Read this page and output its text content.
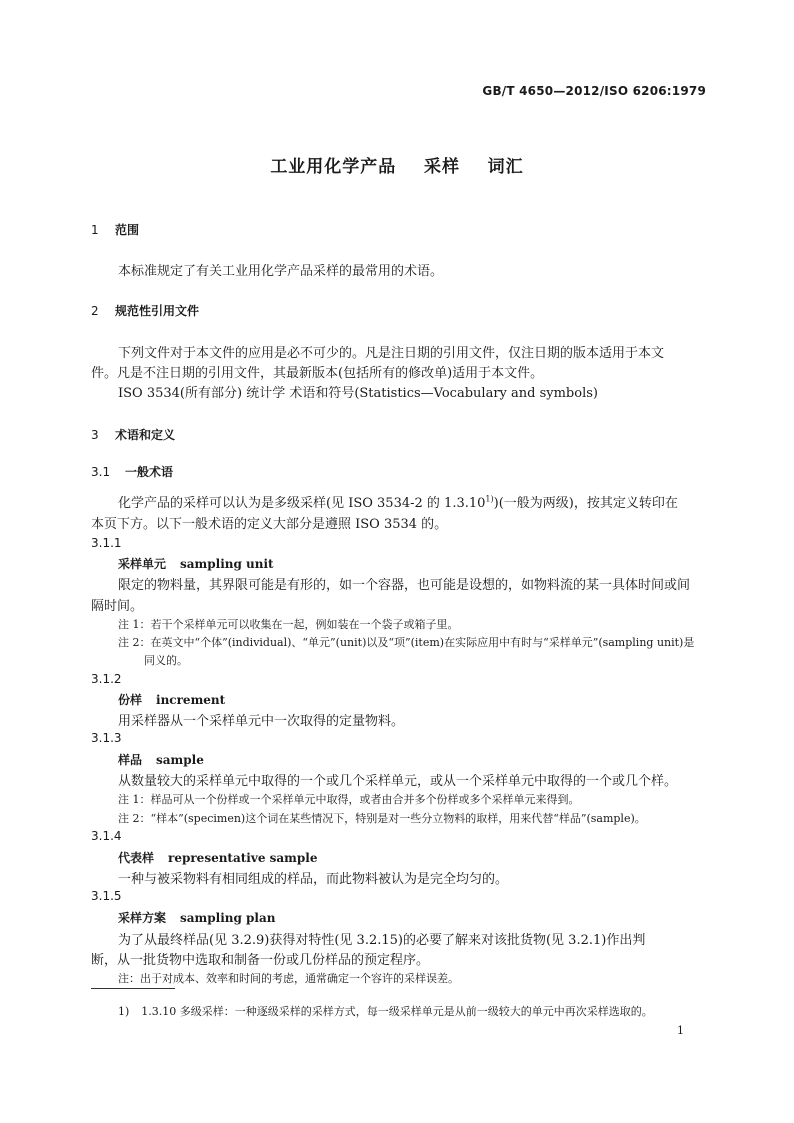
GB/T 4650—2012/ISO 6206:1979
工业用化学产品    采样    词汇
1 范围
本标准规定了有关工业用化学产品采样的最常用的术语。
2 规范性引用文件
下列文件对于本文件的应用是必不可少的。凡是注日期的引用文件，仅注日期的版本适用于本文
件。凡是不注日期的引用文件，其最新版本(包括所有的修改单)适用于本文件。
ISO 3534(所有部分) 统计学 术语和符号(Statistics—Vocabulary and symbols)
3 术语和定义
3.1 一般术语
化学产品的采样可以认为是多级采样(见 ISO 3534-2 的 1.3.10$^{1)}$)(一般为两级)，按其定义转印在
本页下方。以下一般术语的定义大部分是遵照 ISO 3534 的。
3.1.1
采样单元 sampling unit
限定的物料量，其界限可能是有形的，如一个容器，也可能是设想的，如物料流的某一具体时间或间
隔时间。
注 1：若干个采样单元可以收集在一起，例如装在一个袋子或箱子里。
注 2：在英文中“个体”(individual)、“单元”(unit)以及“项”(item)在实际应用中有时与“采样单元”(sampling unit)是
同义的。
3.1.2
份样 increment
用采样器从一个采样单元中一次取得的定量物料。
3.1.3
样品 sample
从数量较大的采样单元中取得的一个或几个采样单元，或从一个采样单元中取得的一个或几个样。
注 1：样品可从一个份样或一个采样单元中取得，或者由合并多个份样或多个采样单元来得到。
注 2：“样本”(specimen)这个词在某些情况下，特别是对一些分立物料的取样，用来代替“样品”(sample)。
3.1.4
代表样 representative sample
一种与被采物料有相同组成的样品，而此物料被认为是完全均匀的。
3.1.5
采样方案 sampling plan
为了从最终样品(见 3.2.9)获得对特性(见 3.2.15)的必要了解来对该批货物(见 3.2.1)作出判
断，从一批货物中选取和制备一份或几份样品的预定程序。
注：出于对成本、效率和时间的考虑，通常确定一个容许的采样误差。
1) 1.3.10 多级采样：一种逐级采样的采样方式，每一级采样单元是从前一级较大的单元中再次采样选取的。
1
